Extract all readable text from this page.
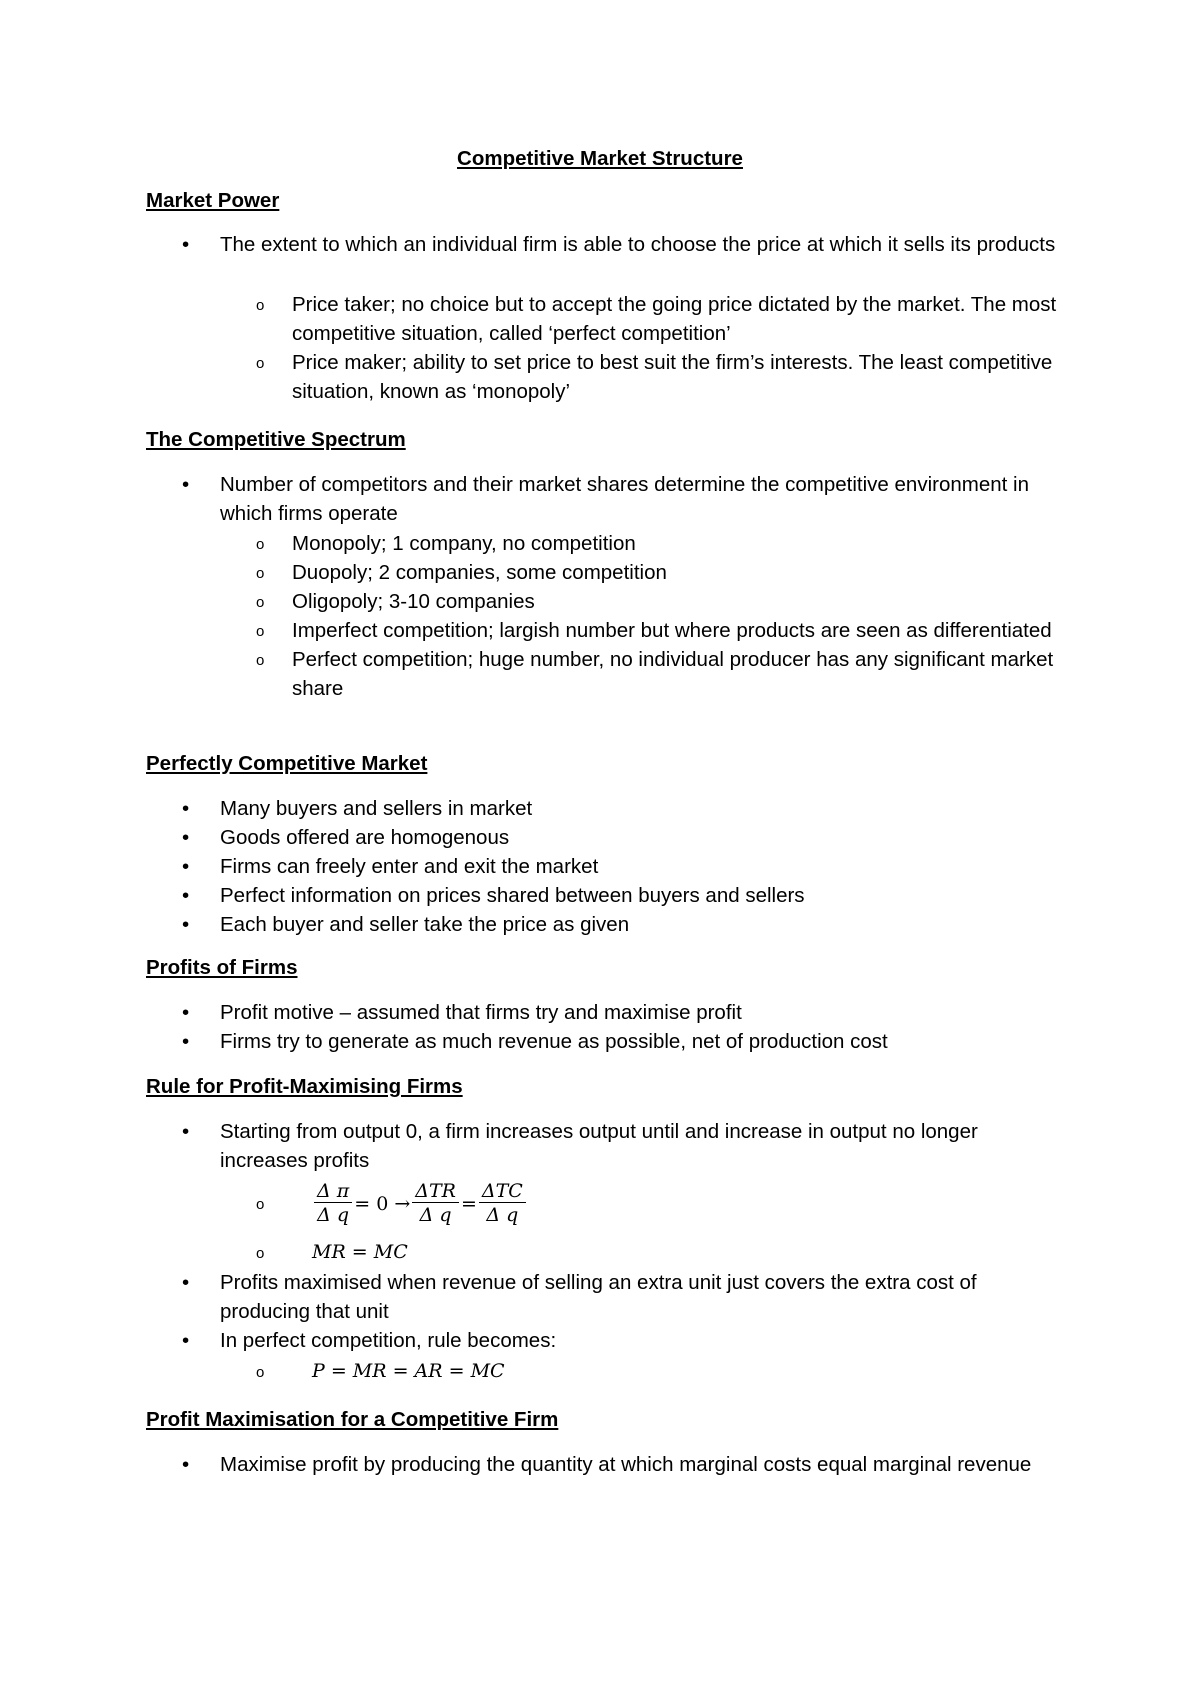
Competitive Market Structure
Market Power
•	The extent to which an individual firm is able to choose the price at which it sells its products
o Price taker; no choice but to accept the going price dictated by the market. The most competitive situation, called ‘perfect competition’
o Price maker; ability to set price to best suit the firm’s interests. The least competitive situation, known as ‘monopoly’
The Competitive Spectrum
•	Number of competitors and their market shares determine the competitive environment in which firms operate
o Monopoly; 1 company, no competition
o Duopoly; 2 companies, some competition
o Oligopoly; 3-10 companies
o Imperfect competition; largish number but where products are seen as differentiated
o Perfect competition; huge number, no individual producer has any significant market share
Perfectly Competitive Market
•	Many buyers and sellers in market
•	Goods offered are homogenous
•	Firms can freely enter and exit the market
•	Perfect information on prices shared between buyers and sellers
•	Each buyer and seller take the price as given
Profits of Firms
•	Profit motive – assumed that firms try and maximise profit
•	Firms try to generate as much revenue as possible, net of production cost
Rule for Profit-Maximising Firms
•	Starting from output 0, a firm increases output until and increase in output no longer increases profits
o	$\frac{\text{Δ π}}{\text{Δ q}} = 0 \to \frac{\text{ΔTR}}{\text{Δ q}} = \frac{\text{ΔTC}}{\text{Δ q}}$
o	MR = MC
•	Profits maximised when revenue of selling an extra unit just covers the extra cost of producing that unit
•	In perfect competition, rule becomes:
o	P = MR = AR = MC
Profit Maximisation for a Competitive Firm
•	Maximise profit by producing the quantity at which marginal costs equal marginal revenue
